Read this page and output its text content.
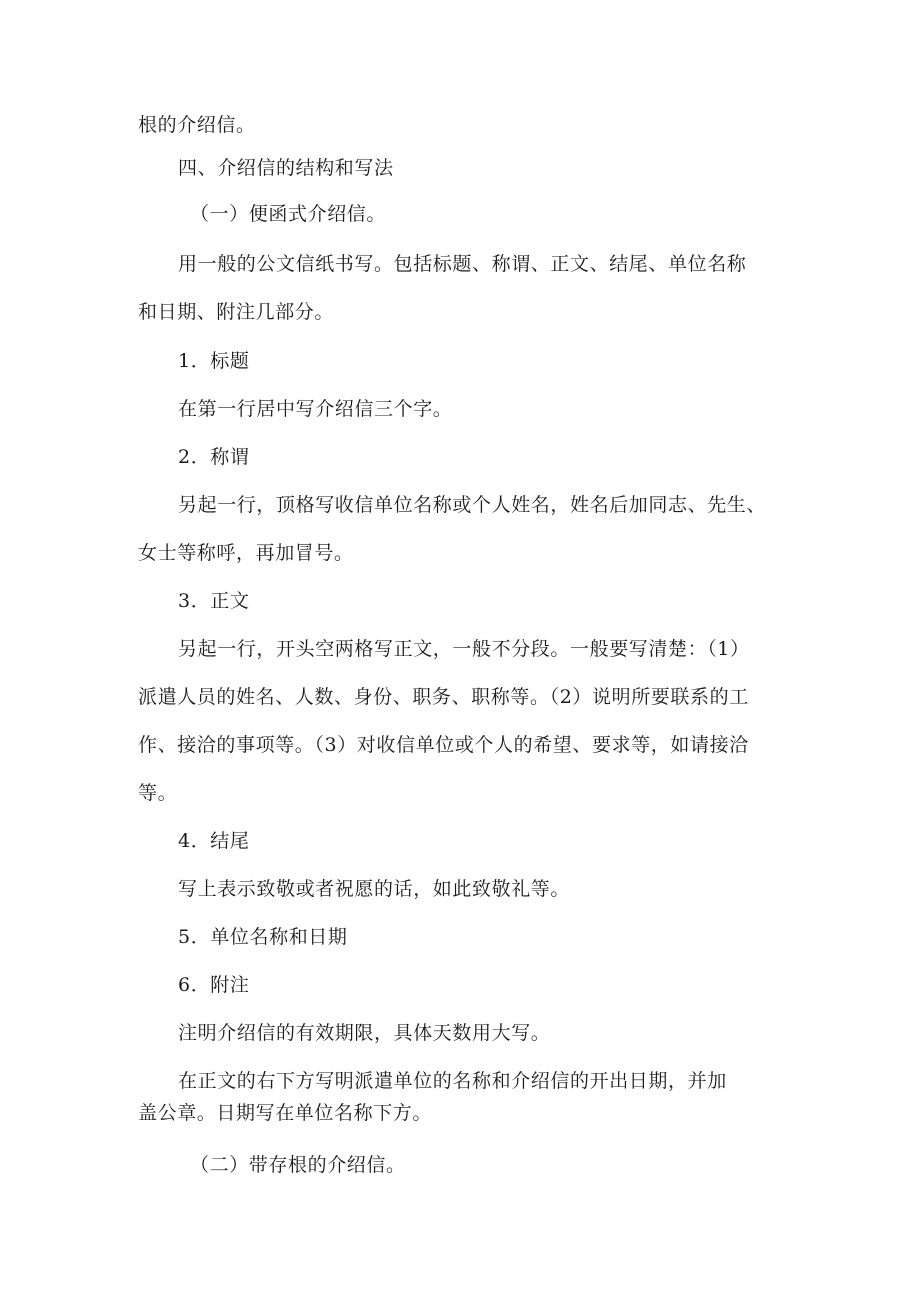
根的介绍信。
四、介绍信的结构和写法
（一）便函式介绍信。
用一般的公文信纸书写。包括标题、称谓、正文、结尾、单位名称
和日期、附注几部分。
1．标题
在第一行居中写介绍信三个字。
2．称谓
另起一行，顶格写收信单位名称或个人姓名，姓名后加同志、先生、
女士等称呼，再加冒号。
3．正文
另起一行，开头空两格写正文，一般不分段。一般要写清楚：（1）
派遣人员的姓名、人数、身份、职务、职称等。（2）说明所要联系的工
作、接洽的事项等。（3）对收信单位或个人的希望、要求等，如请接洽
等。
4．结尾
写上表示致敬或者祝愿的话，如此致敬礼等。
5．单位名称和日期
6．附注
注明介绍信的有效期限，具体天数用大写。
在正文的右下方写明派遣单位的名称和介绍信的开出日期，并加
盖公章。日期写在单位名称下方。
（二）带存根的介绍信。
